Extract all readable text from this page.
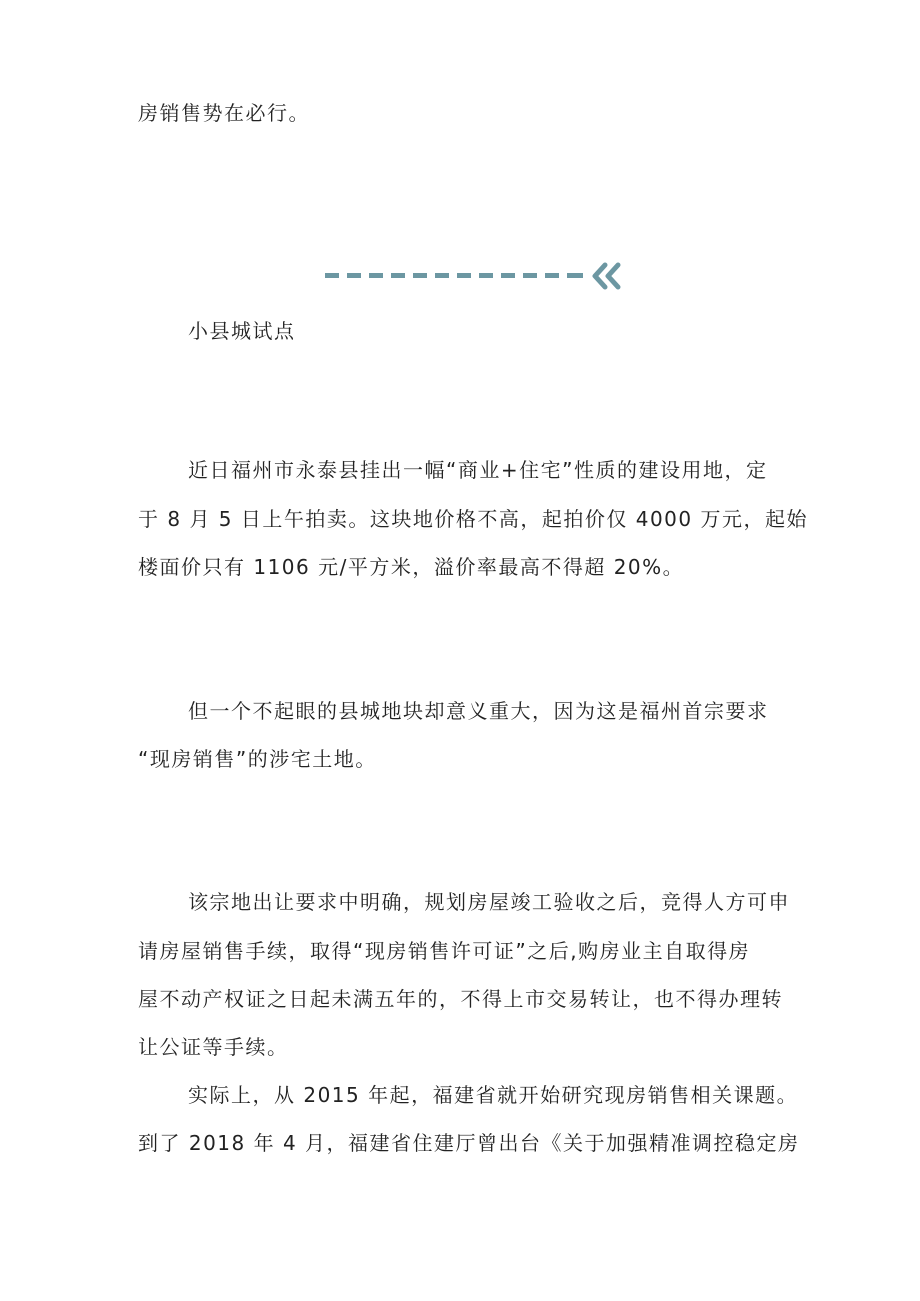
房销售势在必行。
小县城试点
近日福州市永泰县挂出一幅“商业+住宅”性质的建设用地，定
于 8 月 5 日上午拍卖。这块地价格不高，起拍价仅 4000 万元，起始
楼面价只有 1106 元/平方米，溢价率最高不得超 20%。
但一个不起眼的县城地块却意义重大，因为这是福州首宗要求
“现房销售”的涉宅土地。
该宗地出让要求中明确，规划房屋竣工验收之后，竞得人方可申
请房屋销售手续，取得“现房销售许可证”之后,购房业主自取得房
屋不动产权证之日起未满五年的，不得上市交易转让，也不得办理转
让公证等手续。
实际上，从 2015 年起，福建省就开始研究现房销售相关课题。
到了 2018 年 4 月，福建省住建厅曾出台《关于加强精准调控稳定房
